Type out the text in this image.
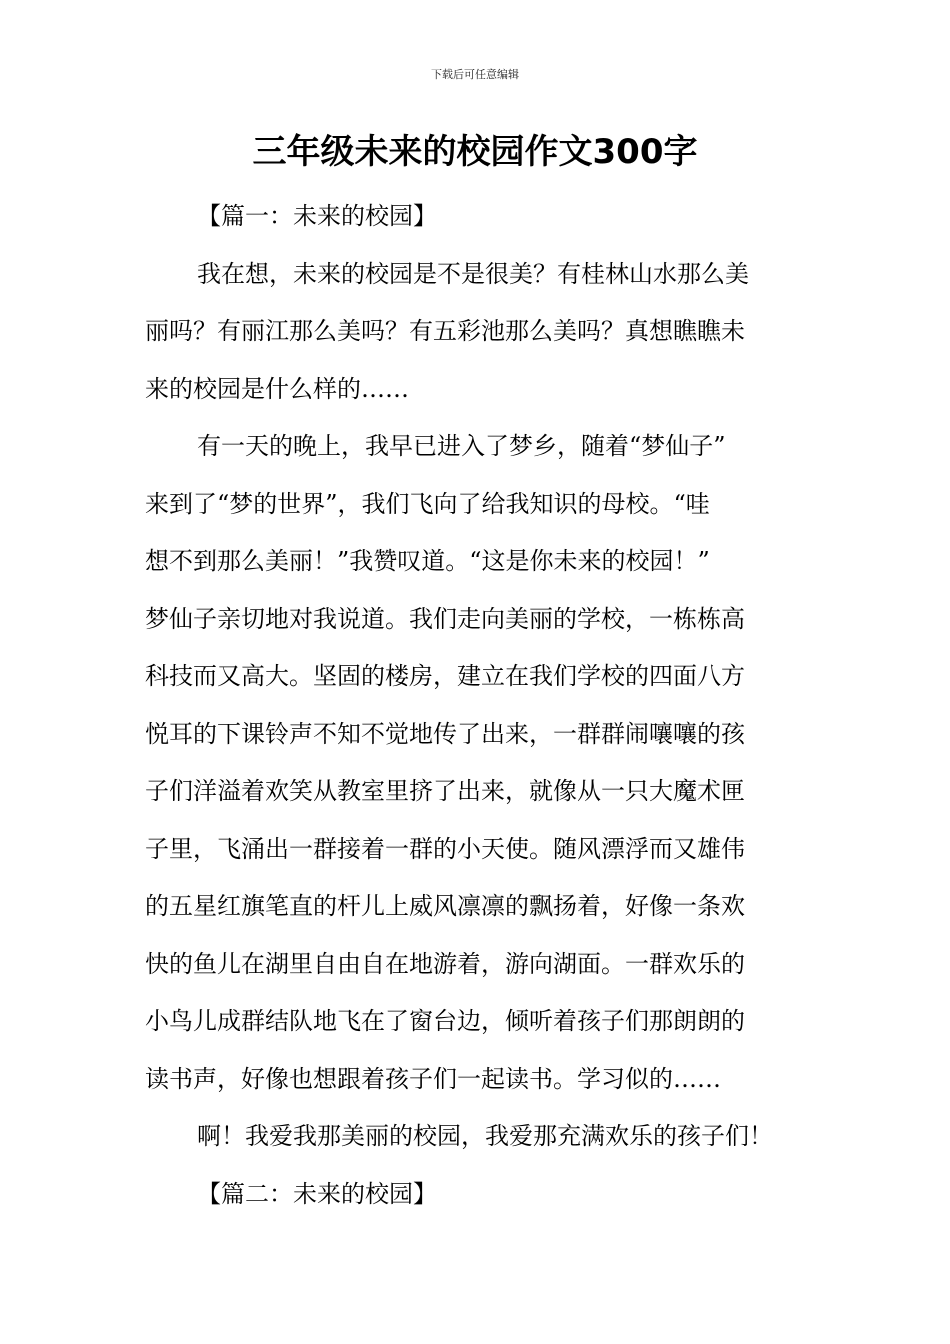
下载后可任意编辑
三年级未来的校园作文300字

【篇一：未来的校园】

我在想，未来的校园是不是很美？有桂林山水那么美

丽吗？有丽江那么美吗？有五彩池那么美吗？真想瞧瞧未

来的校园是什么样的……

有一天的晚上，我早已进入了梦乡，随着“梦仙子”

来到了“梦的世界”，我们飞向了给我知识的母校。“哇

想不到那么美丽！”我赞叹道。“这是你未来的校园！”

梦仙子亲切地对我说道。我们走向美丽的学校，一栋栋高

科技而又高大。坚固的楼房，建立在我们学校的四面八方

悦耳的下课铃声不知不觉地传了出来，一群群闹嚷嚷的孩

子们洋溢着欢笑从教室里挤了出来，就像从一只大魔术匣

子里，飞涌出一群接着一群的小天使。随风漂浮而又雄伟

的五星红旗笔直的杆儿上威风凛凛的飘扬着，好像一条欢

快的鱼儿在湖里自由自在地游着，游向湖面。一群欢乐的

小鸟儿成群结队地飞在了窗台边，倾听着孩子们那朗朗的

读书声，好像也想跟着孩子们一起读书。学习似的……

啊！我爱我那美丽的校园，我爱那充满欢乐的孩子们！

【篇二：未来的校园】
